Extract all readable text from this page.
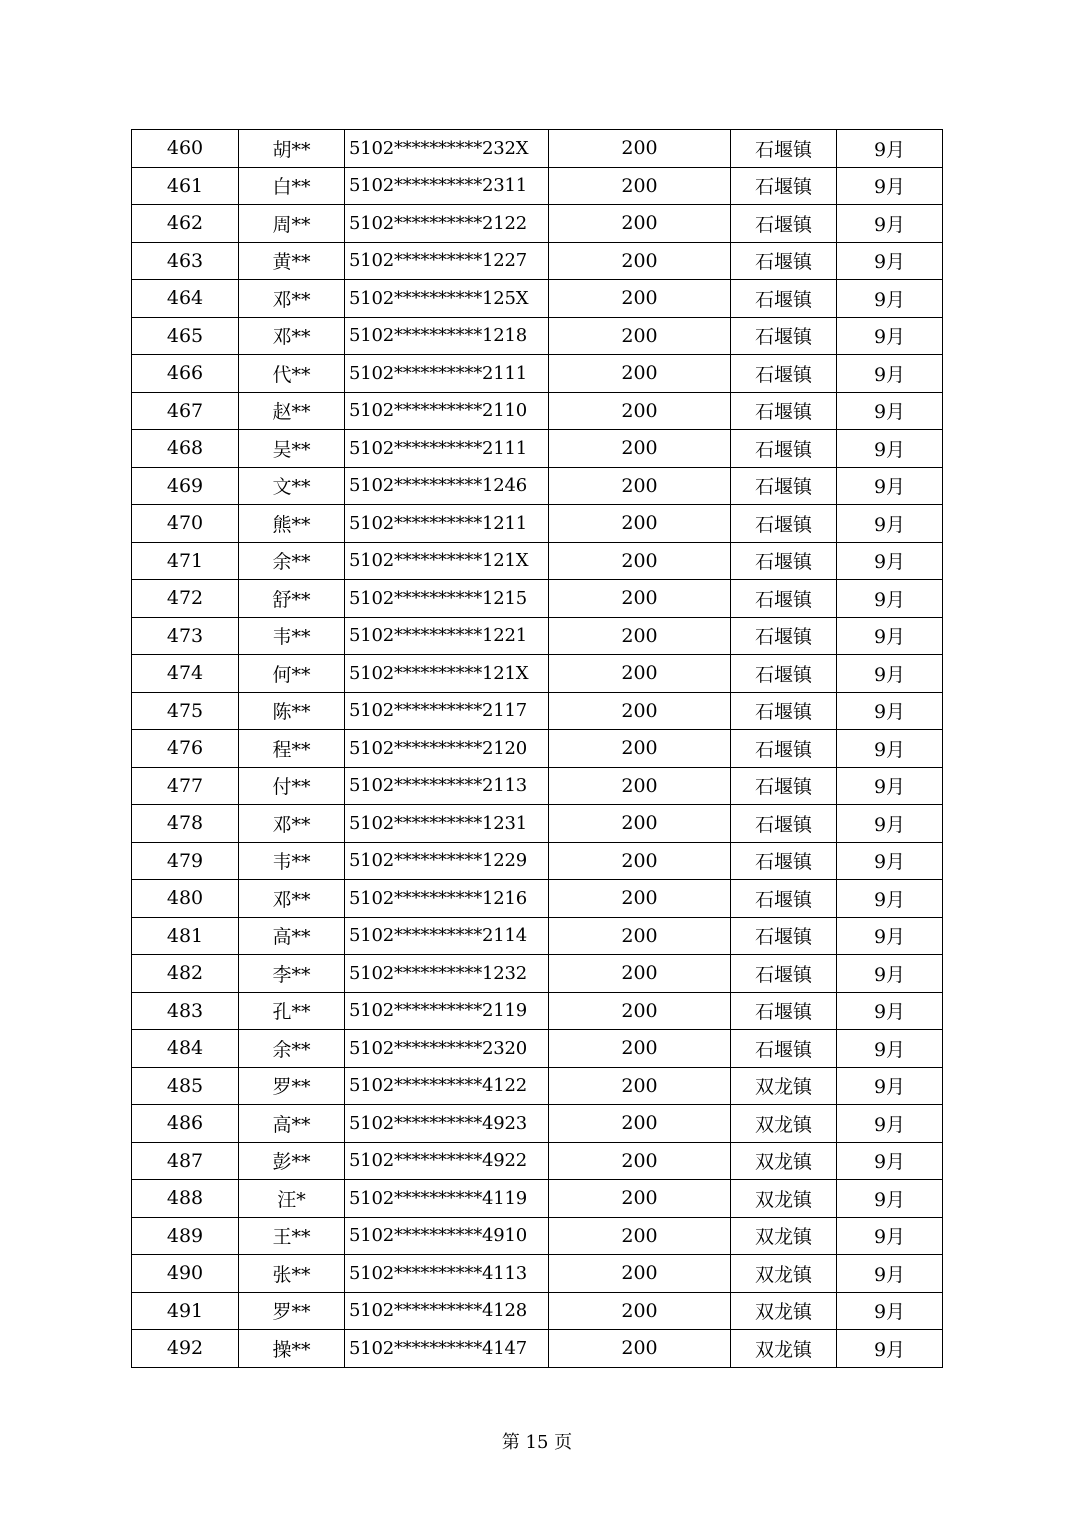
460	胡**	5102**********232X	200	石堰镇	9月
461	白**	5102**********2311	200	石堰镇	9月
462	周**	5102**********2122	200	石堰镇	9月
463	黄**	5102**********1227	200	石堰镇	9月
464	邓**	5102**********125X	200	石堰镇	9月
465	邓**	5102**********1218	200	石堰镇	9月
466	代**	5102**********2111	200	石堰镇	9月
467	赵**	5102**********2110	200	石堰镇	9月
468	吴**	5102**********2111	200	石堰镇	9月
469	文**	5102**********1246	200	石堰镇	9月
470	熊**	5102**********1211	200	石堰镇	9月
471	余**	5102**********121X	200	石堰镇	9月
472	舒**	5102**********1215	200	石堰镇	9月
473	韦**	5102**********1221	200	石堰镇	9月
474	何**	5102**********121X	200	石堰镇	9月
475	陈**	5102**********2117	200	石堰镇	9月
476	程**	5102**********2120	200	石堰镇	9月
477	付**	5102**********2113	200	石堰镇	9月
478	邓**	5102**********1231	200	石堰镇	9月
479	韦**	5102**********1229	200	石堰镇	9月
480	邓**	5102**********1216	200	石堰镇	9月
481	高**	5102**********2114	200	石堰镇	9月
482	李**	5102**********1232	200	石堰镇	9月
483	孔**	5102**********2119	200	石堰镇	9月
484	余**	5102**********2320	200	石堰镇	9月
485	罗**	5102**********4122	200	双龙镇	9月
486	高**	5102**********4923	200	双龙镇	9月
487	彭**	5102**********4922	200	双龙镇	9月
488	汪*	5102**********4119	200	双龙镇	9月
489	王**	5102**********4910	200	双龙镇	9月
490	张**	5102**********4113	200	双龙镇	9月
491	罗**	5102**********4128	200	双龙镇	9月
492	操**	5102**********4147	200	双龙镇	9月
第 15 页
